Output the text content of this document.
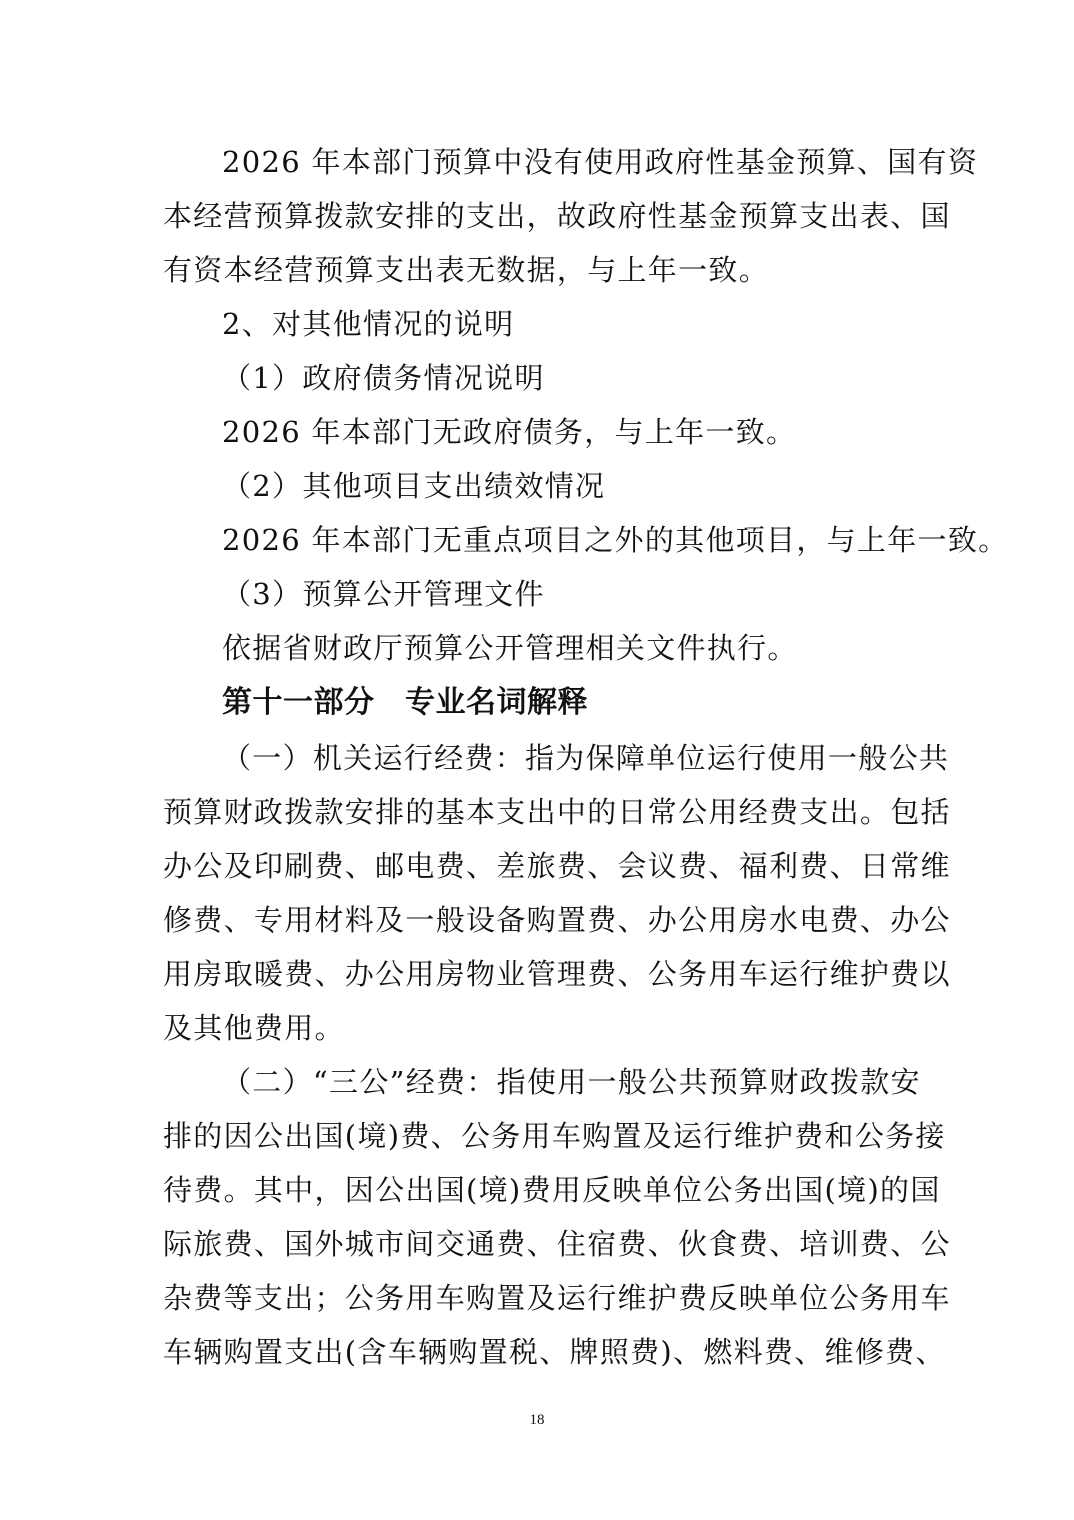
2026 年本部门预算中没有使用政府性基金预算、国有资
本经营预算拨款安排的支出，故政府性基金预算支出表、国
有资本经营预算支出表无数据，与上年一致。
2、对其他情况的说明
（1）政府债务情况说明
2026 年本部门无政府债务，与上年一致。
（2）其他项目支出绩效情况
2026 年本部门无重点项目之外的其他项目，与上年一致。
（3）预算公开管理文件
依据省财政厅预算公开管理相关文件执行。
第十一部分　专业名词解释
（一）机关运行经费：指为保障单位运行使用一般公共
预算财政拨款安排的基本支出中的日常公用经费支出。包括
办公及印刷费、邮电费、差旅费、会议费、福利费、日常维
修费、专用材料及一般设备购置费、办公用房水电费、办公
用房取暖费、办公用房物业管理费、公务用车运行维护费以
及其他费用。
（二）“三公”经费：指使用一般公共预算财政拨款安
排的因公出国(境)费、公务用车购置及运行维护费和公务接
待费。其中，因公出国(境)费用反映单位公务出国(境)的国
际旅费、国外城市间交通费、住宿费、伙食费、培训费、公
杂费等支出；公务用车购置及运行维护费反映单位公务用车
车辆购置支出(含车辆购置税、牌照费)、燃料费、维修费、
18
